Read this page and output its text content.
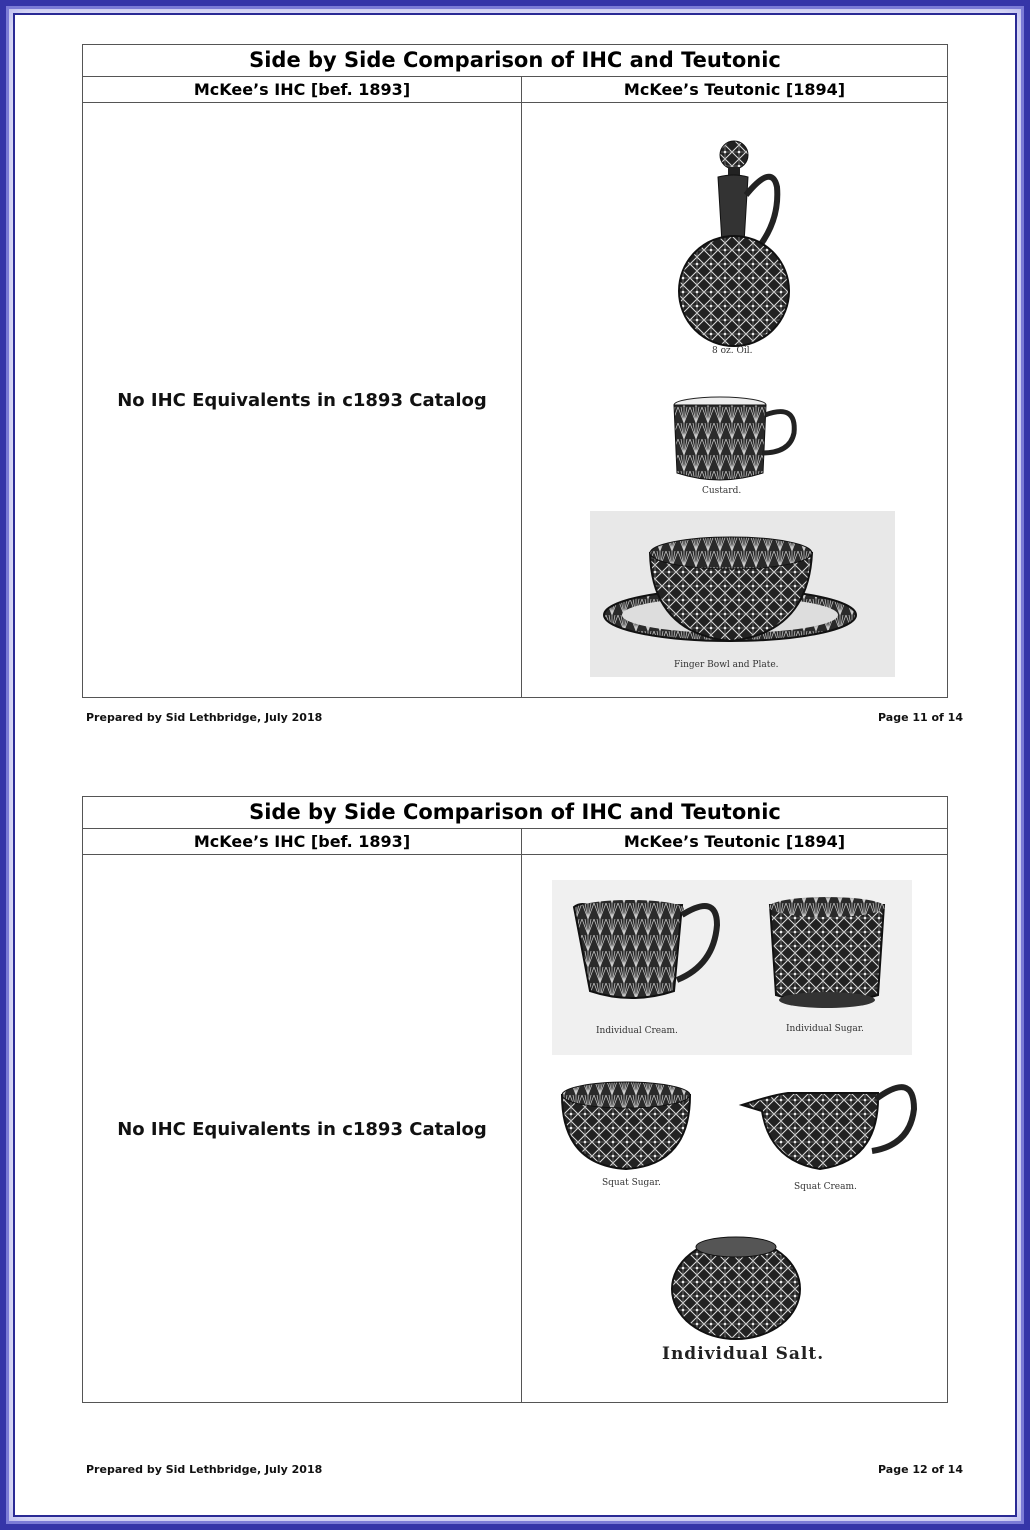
Side by Side Comparison of IHC and Teutonic
McKee’s IHC [bef. 1893]	McKee’s Teutonic [1894]
No IHC Equivalents in c1893 Catalog
8 oz. Oil.
Custard.
Finger Bowl and Plate.
Prepared by Sid Lethbridge, July 2018	Page 11 of 14
Side by Side Comparison of IHC and Teutonic
McKee’s IHC [bef. 1893]	McKee’s Teutonic [1894]
No IHC Equivalents in c1893 Catalog
Individual Cream.	Individual Sugar.
Squat Sugar.	Squat Cream.
Individual Salt.
Prepared by Sid Lethbridge, July 2018	Page 12 of 14
